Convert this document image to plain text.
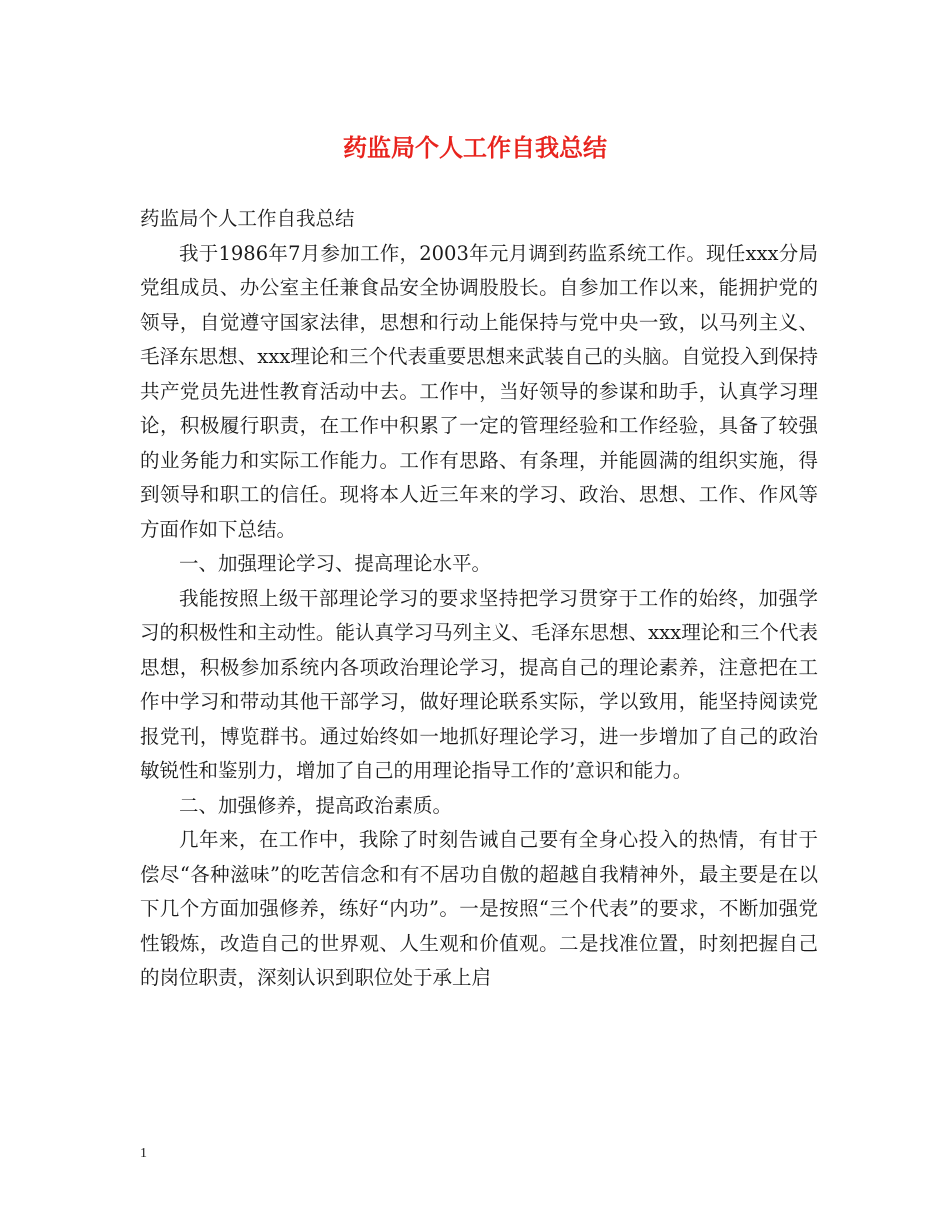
药监局个人工作自我总结

药监局个人工作自我总结

我于1986年7月参加工作，2003年元月调到药监系统工作。现任xxx分局党组成员、办公室主任兼食品安全协调股股长。自参加工作以来，能拥护党的领导，自觉遵守国家法律，思想和行动上能保持与党中央一致，以马列主义、毛泽东思想、xxx理论和三个代表重要思想来武装自己的头脑。自觉投入到保持共产党员先进性教育活动中去。工作中，当好领导的参谋和助手，认真学习理论，积极履行职责，在工作中积累了一定的管理经验和工作经验，具备了较强的业务能力和实际工作能力。工作有思路、有条理，并能圆满的组织实施，得到领导和职工的信任。现将本人近三年来的学习、政治、思想、工作、作风等方面作如下总结。

一、加强理论学习、提高理论水平。

我能按照上级干部理论学习的要求坚持把学习贯穿于工作的始终，加强学习的积极性和主动性。能认真学习马列主义、毛泽东思想、xxx理论和三个代表思想，积极参加系统内各项政治理论学习，提高自己的理论素养，注意把在工作中学习和带动其他干部学习，做好理论联系实际，学以致用，能坚持阅读党报党刊，博览群书。通过始终如一地抓好理论学习，进一步增加了自己的政治敏锐性和鉴别力，增加了自己的用理论指导工作的’意识和能力。

二、加强修养，提高政治素质。

几年来，在工作中，我除了时刻告诫自己要有全身心投入的热情，有甘于偿尽“各种滋味”的吃苦信念和有不居功自傲的超越自我精神外，最主要是在以下几个方面加强修养，练好“内功”。一是按照“三个代表”的要求，不断加强党性锻炼，改造自己的世界观、人生观和价值观。二是找准位置，时刻把握自己的岗位职责，深刻认识到职位处于承上启

1
